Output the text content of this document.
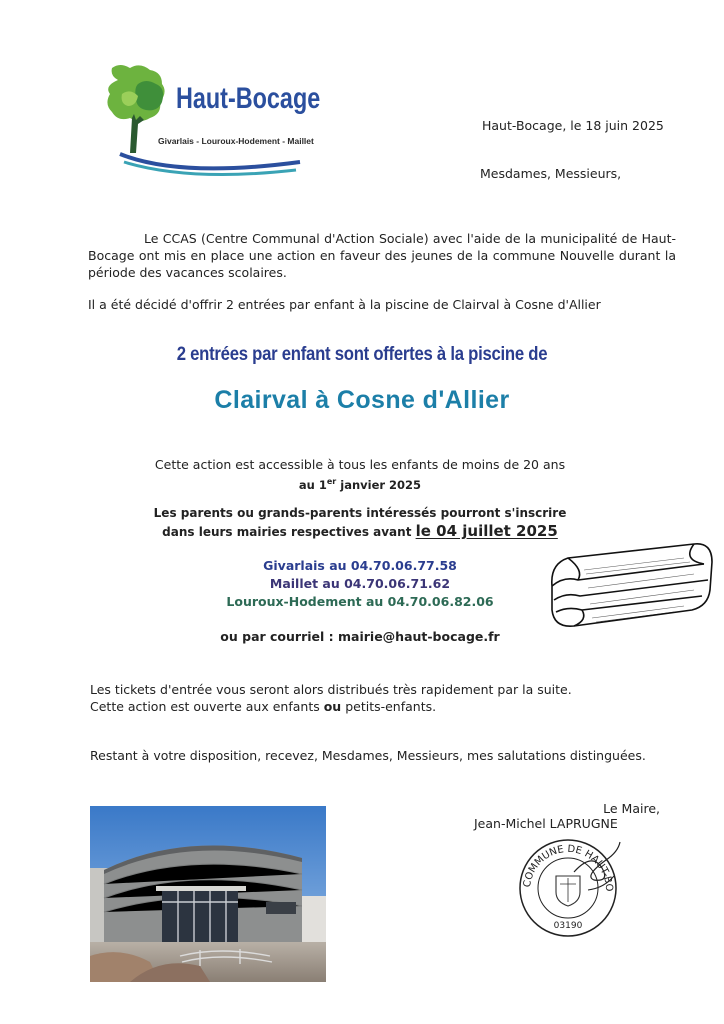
Haut-Bocage
Givarlais - Louroux-Hodement - Maillet
Haut-Bocage, le 18 juin 2025
Mesdames, Messieurs,
Le CCAS (Centre Communal d'Action Sociale) avec l'aide de la municipalité de Haut-Bocage ont mis en place une action en faveur des jeunes de la commune Nouvelle durant la période des vacances scolaires.
Il a été décidé d'offrir 2 entrées par enfant à la piscine de Clairval à Cosne d'Allier
2 entrées par enfant sont offertes à la piscine de
Clairval à Cosne d'Allier
Cette action est accessible à tous les enfants de moins de 20 ans
au 1er janvier 2025
Les parents ou grands-parents intéressés pourront s'inscrire
dans leurs mairies respectives avant le 04 juillet 2025
Givarlais au 04.70.06.77.58
Maillet au 04.70.06.71.62
Louroux-Hodement au 04.70.06.82.06
ou par courriel : mairie@haut-bocage.fr
Les tickets d'entrée vous seront alors distribués très rapidement par la suite.
Cette action est ouverte aux enfants ou petits-enfants.
Restant à votre disposition, recevez, Mesdames, Messieurs, mes salutations distinguées.
Le Maire,
Jean-Michel LAPRUGNE
COMMUNE DE HAUT-BO
03190
